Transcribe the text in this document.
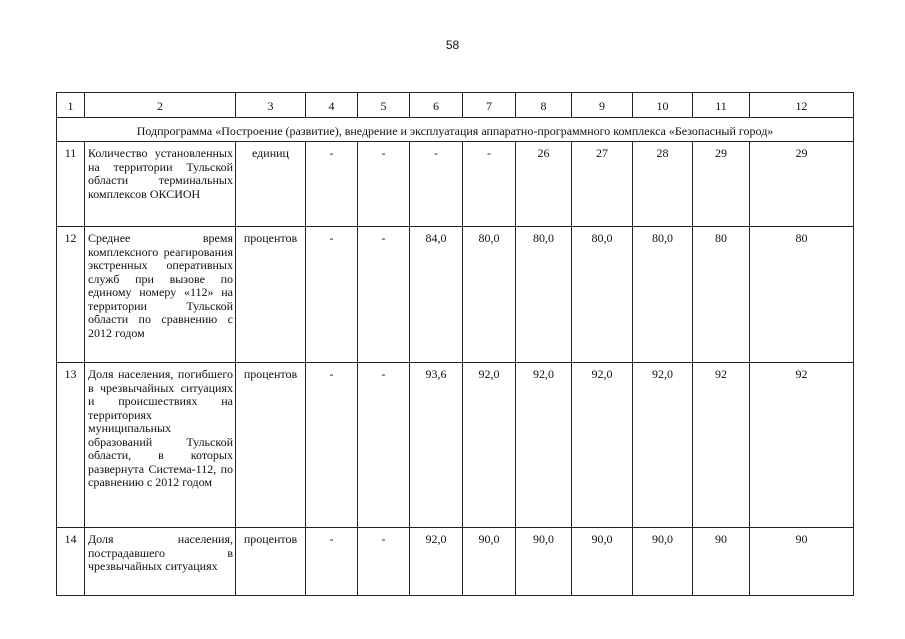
58
1	2	3	4	5	6	7	8	9	10	11	12
Подпрограмма «Построение (развитие), внедрение и эксплуатация аппаратно-программного комплекса «Безопасный город»											
11	Количество установленных на территории Тульской области терминальных комплексов ОКСИОН	единиц	-	-	-	-	26	27	28	29	29
12	Среднее время комплексного реагирования экстренных оперативных служб при вызове по единому номеру «112» на территории Тульской области по сравнению с 2012 годом	процентов	-	-	84,0	80,0	80,0	80,0	80,0	80	80
13	Доля населения, погибшего в чрезвычайных ситуациях и происшествиях на территориях муниципальных образований Тульской области, в которых развернута Система-112, по сравнению с 2012 годом	процентов	-	-	93,6	92,0	92,0	92,0	92,0	92	92
14	Доля населения, пострадавшего в чрезвычайных ситуациях	процентов	-	-	92,0	90,0	90,0	90,0	90,0	90	90
